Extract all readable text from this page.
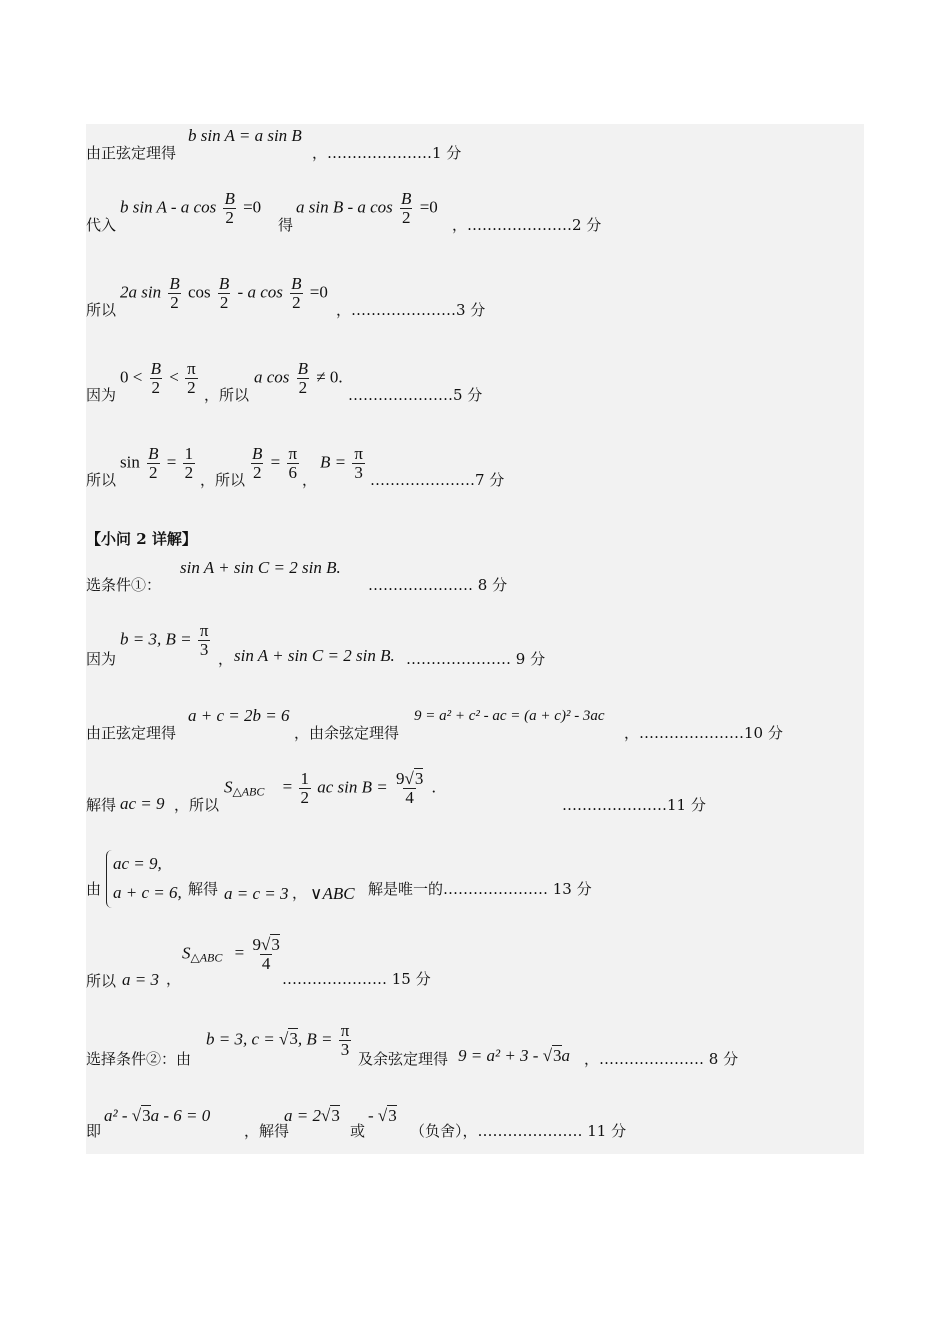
由正弦定理得
b sin A = a sin B
，…………………1 分
代入
b sin A - a $\cos \frac{B}{2} =0$
得
a sin B - a $\cos \frac{B}{2} =0$
，…………………2 分
所以
2a $\sin \frac{B}{2}$ $\cos \frac{B}{2}$ - a $\cos \frac{B}{2} =0$
，…………………3 分
因为
$0 < \frac{B}{2} < \frac{\pi}{2}$ ，所以
a $\cos \frac{B}{2} \ne 0$.
…………………5 分
所以
$\sin \frac{B}{2} = \frac{1}{2}$ ，所以 $\frac{B}{2} = \frac{\pi}{6}$ ，
$B = \frac{\pi}{3}$ …………………7 分
【小问 2 详解】
选条件①：
sin A + sin C = 2 sin B.
………………… 8 分
因为
b = 3, $B = \frac{\pi}{3}$
， sin A + sin C = 2 sin B. ………………… 9 分
由正弦定理得
a + c = 2b = 6
，由余弦定理得
9 = a² + c² - ac = (a + c)² - 3ac
，…………………10 分
解得 ac = 9 ，所以
S△ABC = $\frac{1}{2}$ ac $\sin B = \frac{9√3}{4}$ .
…………………11 分
由
ac = 9,
a + c = 6, 解得 a = c = 3 ， ∨ABC 解是唯一的………………… 13 分
所以 a = 3 ，
S△ABC = $\frac{9√3}{4}$
………………… 15 分
选择条件②：由
b = 3, c = √3, $B = \frac{\pi}{3}$
及余弦定理得 9 = a² + 3 - √3a ，………………… 8 分
即
a² - √3a - 6 = 0
，解得
a = 2√3
或
- √3
（负舍），………………… 11 分
